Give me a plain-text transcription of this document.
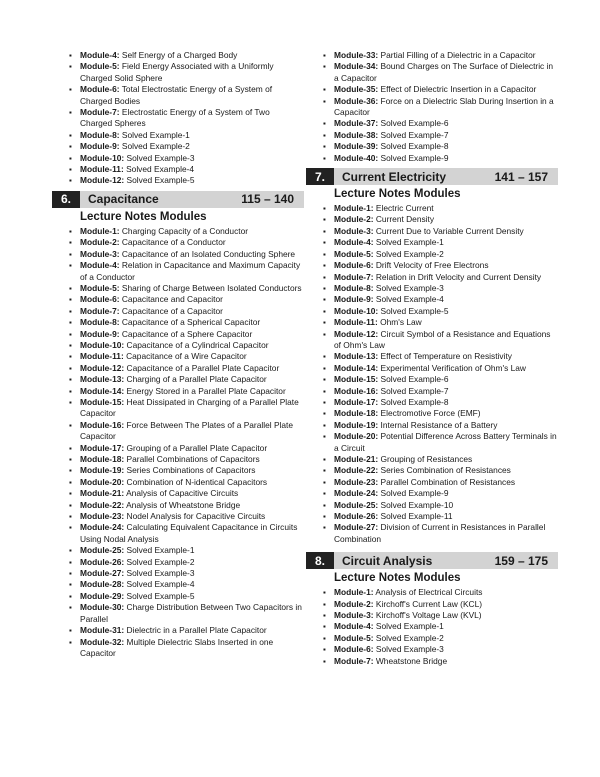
▪ Module-4: Self Energy of a Charged Body
▪ Module-5: Field Energy Associated with a Uniformly Charged Solid Sphere
▪ Module-6: Total Electrostatic Energy of a System of Charged Bodies
▪ Module-7: Electrostatic Energy of a System of Two Charged Spheres
▪ Module-8: Solved Example-1
▪ Module-9: Solved Example-2
▪ Module-10: Solved Example-3
▪ Module-11: Solved Example-4
▪ Module-12: Solved Example-5
6.	Capacitance	115 – 140
Lecture Notes Modules
▪ Module-1: Charging Capacity of a Conductor
▪ Module-2: Capacitance of a Conductor
▪ Module-3: Capacitance of an Isolated Conducting Sphere
▪ Module-4: Relation in Capacitance and Maximum Capacity of a Conductor
▪ Module-5: Sharing of Charge Between Isolated Conductors
▪ Module-6: Capacitance and Capacitor
▪ Module-7: Capacitance of a Capacitor
▪ Module-8: Capacitance of a Spherical Capacitor
▪ Module-9: Capacitance of a Sphere Capacitor
▪ Module-10: Capacitance of a Cylindrical Capacitor
▪ Module-11: Capacitance of a Wire Capacitor
▪ Module-12: Capacitance of a Parallel Plate Capacitor
▪ Module-13: Charging of a Parallel Plate Capacitor
▪ Module-14: Energy Stored in a Parallel Plate Capacitor
▪ Module-15: Heat Dissipated in Charging of a Parallel Plate Capacitor
▪ Module-16: Force Between The Plates of a Parallel Plate Capacitor
▪ Module-17: Grouping of a Parallel Plate Capacitor
▪ Module-18: Parallel Combinations of Capacitors
▪ Module-19: Series Combinations of Capacitors
▪ Module-20: Combination of N-identical Capacitors
▪ Module-21: Analysis of Capacitive Circuits
▪ Module-22: Analysis of Wheatstone Bridge
▪ Module-23: Nodel Analysis for Capacitive Circuits
▪ Module-24: Calculating Equivalent Capacitance in Circuits Using Nodal Analysis
▪ Module-25: Solved Example-1
▪ Module-26: Solved Example-2
▪ Module-27: Solved Example-3
▪ Module-28: Solved Example-4
▪ Module-29: Solved Example-5
▪ Module-30: Charge Distribution Between Two Capacitors in Parallel
▪ Module-31: Dielectric in a Parallel Plate Capacitor
▪ Module-32: Multiple Dielectric Slabs Inserted in one Capacitor
▪ Module-33: Partial Filling of a Dielectric in a Capacitor
▪ Module-34: Bound Charges on The Surface of Dielectric in a Capacitor
▪ Module-35: Effect of Dielectric Insertion in a Capacitor
▪ Module-36: Force on a Dielectric Slab During Insertion in a Capacitor
▪ Module-37: Solved Example-6
▪ Module-38: Solved Example-7
▪ Module-39: Solved Example-8
▪ Module-40: Solved Example-9
7.	Current Electricity	141 – 157
Lecture Notes Modules
▪ Module-1: Electric Current
▪ Module-2: Current Density
▪ Module-3: Current Due to Variable Current Density
▪ Module-4: Solved Example-1
▪ Module-5: Solved Example-2
▪ Module-6: Drift Velocity of Free Electrons
▪ Module-7: Relation in Drift Velocity and Current Density
▪ Module-8: Solved Example-3
▪ Module-9: Solved Example-4
▪ Module-10: Solved Example-5
▪ Module-11: Ohm's Law
▪ Module-12: Circuit Symbol of a Resistance and Equations of Ohm's Law
▪ Module-13: Effect of Temperature on Resistivity
▪ Module-14: Experimental Verification of Ohm's Law
▪ Module-15: Solved Example-6
▪ Module-16: Solved Example-7
▪ Module-17: Solved Example-8
▪ Module-18: Electromotive Force (EMF)
▪ Module-19: Internal Resistance of a Battery
▪ Module-20: Potential Difference Across Battery Terminals in a Circuit
▪ Module-21: Grouping of Resistances
▪ Module-22: Series Combination of Resistances
▪ Module-23: Parallel Combination of Resistances
▪ Module-24: Solved Example-9
▪ Module-25: Solved Example-10
▪ Module-26: Solved Example-11
▪ Module-27: Division of Current in Resistances in Parallel Combination
8.	Circuit Analysis	159 – 175
Lecture Notes Modules
▪ Module-1: Analysis of Electrical Circuits
▪ Module-2: Kirchoff's Current Law (KCL)
▪ Module-3: Kirchoff's Voltage Law (KVL)
▪ Module-4: Solved Example-1
▪ Module-5: Solved Example-2
▪ Module-6: Solved Example-3
▪ Module-7: Wheatstone Bridge
